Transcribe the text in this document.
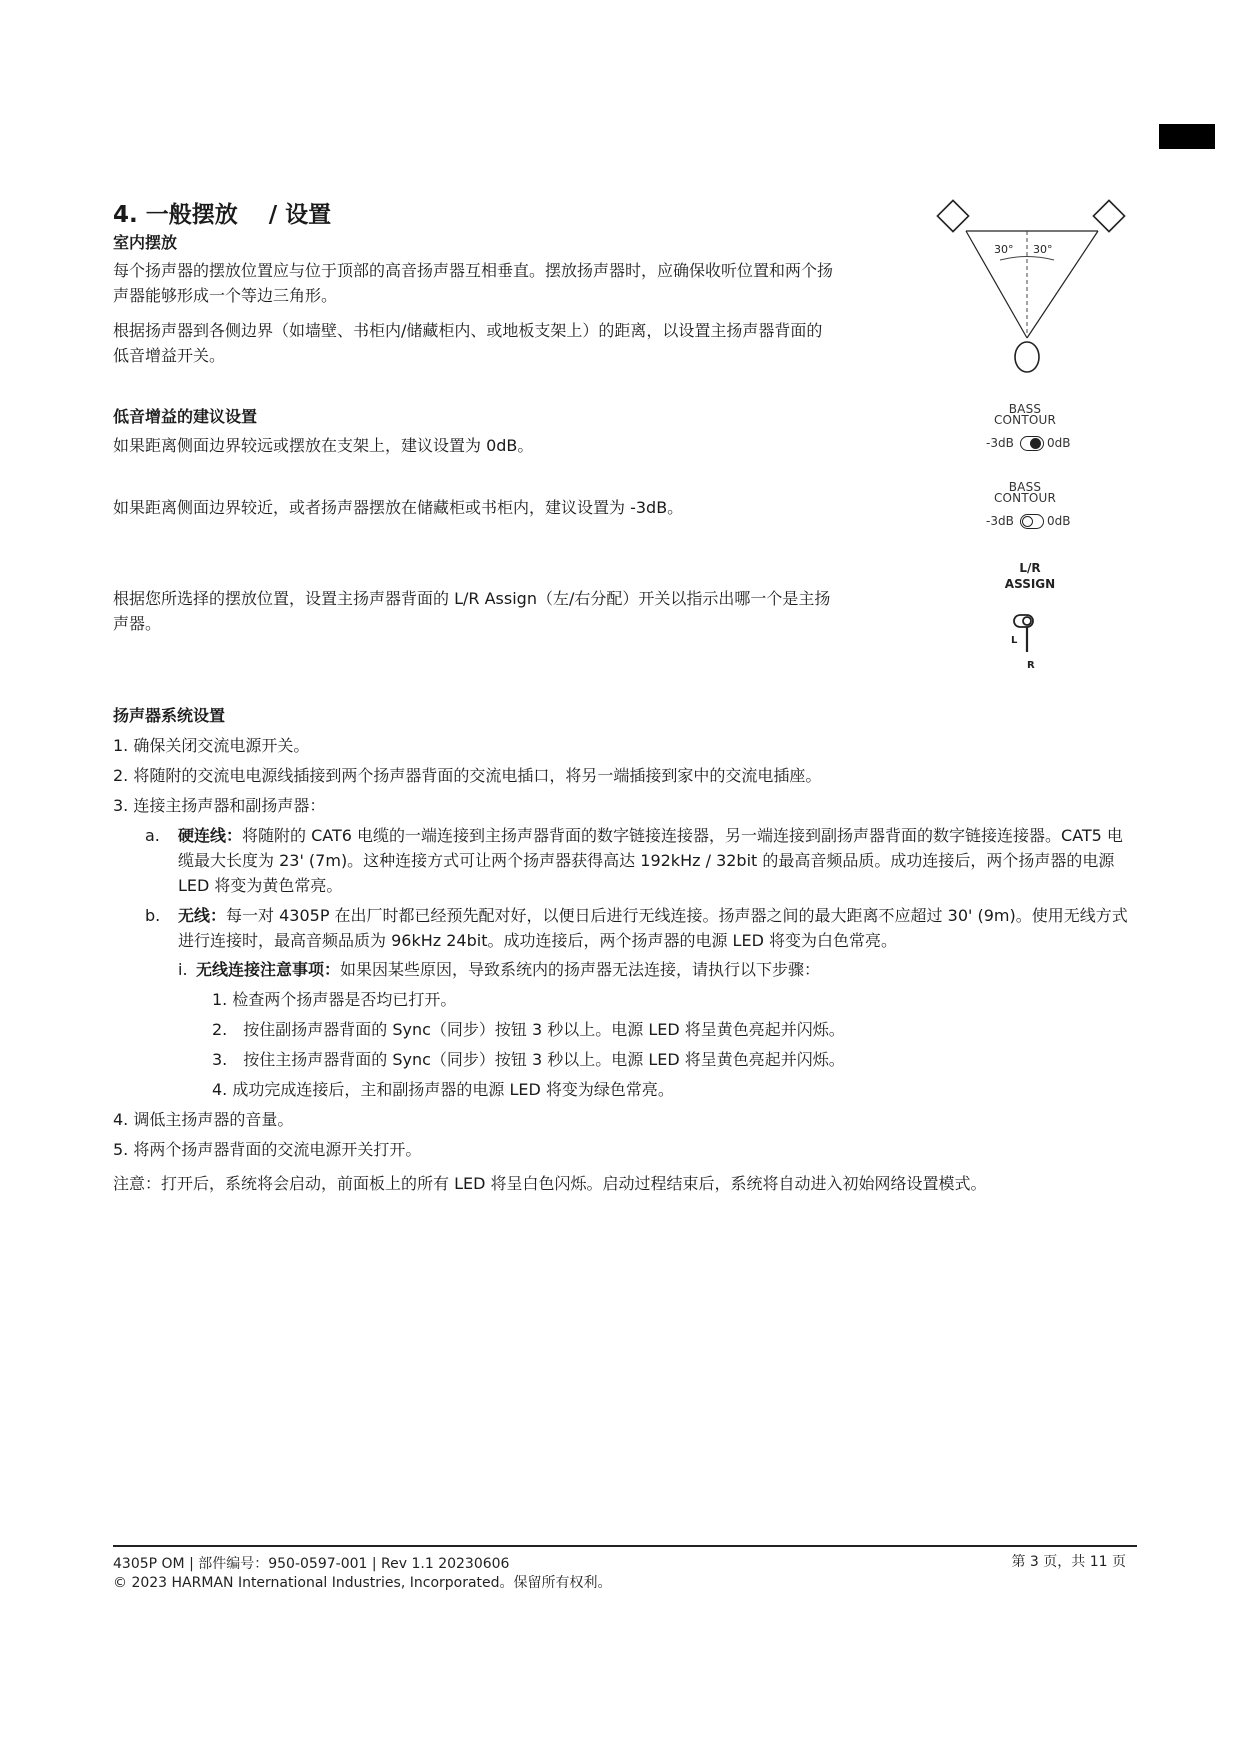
4. 一般摆放　 / 设置
室内摆放
每个扬声器的摆放位置应与位于顶部的高音扬声器互相垂直。摆放扬声器时，应确保收听位置和两个扬声器能够形成一个等边三角形。
根据扬声器到各侧边界（如墙壁、书柜内/储藏柜内、或地板支架上）的距离，以设置主扬声器背面的低音增益开关。
低音增益的建议设置
如果距离侧面边界较远或摆放在支架上，建议设置为 0dB。
如果距离侧面边界较近，或者扬声器摆放在储藏柜或书柜内，建议设置为 -3dB。
根据您所选择的摆放位置，设置主扬声器背面的 L/R Assign（左/右分配）开关以指示出哪一个是主扬声器。
30° 30°
BASS
CONTOUR
-3dB	0dB
BASS
CONTOUR
-3dB	0dB
L/R
ASSIGN
L
R
扬声器系统设置
1. 确保关闭交流电源开关。
2. 将随附的交流电电源线插接到两个扬声器背面的交流电插口，将另一端插接到家中的交流电插座。
3. 连接主扬声器和副扬声器：
a. 硬连线：将随附的 CAT6 电缆的一端连接到主扬声器背面的数字链接连接器，另一端连接到副扬声器背面的数字链接连接器。CAT5 电缆最大长度为 23' (7m)。这种连接方式可让两个扬声器获得高达 192kHz / 32bit 的最高音频品质。成功连接后，两个扬声器的电源 LED 将变为黄色常亮。
b. 无线：每一对 4305P 在出厂时都已经预先配对好，以便日后进行无线连接。扬声器之间的最大距离不应超过 30' (9m)。使用无线方式进行连接时，最高音频品质为 96kHz 24bit。成功连接后，两个扬声器的电源 LED 将变为白色常亮。
i. 无线连接注意事项：如果因某些原因，导致系统内的扬声器无法连接，请执行以下步骤：
1. 检查两个扬声器是否均已打开。
2.　按住副扬声器背面的 Sync（同步）按钮 3 秒以上。电源 LED 将呈黄色亮起并闪烁。
3.　按住主扬声器背面的 Sync（同步）按钮 3 秒以上。电源 LED 将呈黄色亮起并闪烁。
4. 成功完成连接后，主和副扬声器的电源 LED 将变为绿色常亮。
4. 调低主扬声器的音量。
5. 将两个扬声器背面的交流电源开关打开。
注意：打开后，系统将会启动，前面板上的所有 LED 将呈白色闪烁。启动过程结束后，系统将自动进入初始网络设置模式。
4305P OM | 部件编号：950-0597-001 | Rev 1.1 20230606
© 2023 HARMAN International Industries, Incorporated。保留所有权利。
第 3 页，共 11 页
